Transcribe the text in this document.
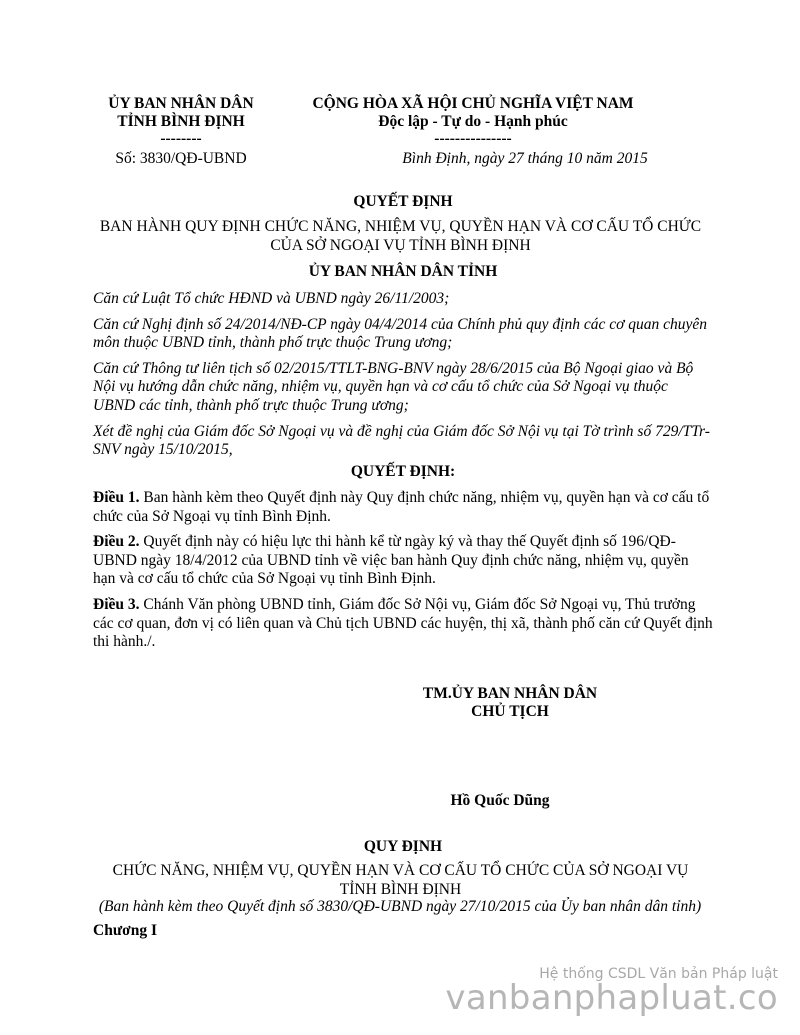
ỦY BAN NHÂN DÂN
TỈNH BÌNH ĐỊNH
--------
Số: 3830/QĐ-UBND
CỘNG HÒA XÃ HỘI CHỦ NGHĨA VIỆT NAM
Độc lập - Tự do - Hạnh phúc
---------------
Bình Định, ngày 27 tháng 10 năm 2015
QUYẾT ĐỊNH
BAN HÀNH QUY ĐỊNH CHỨC NĂNG, NHIỆM VỤ, QUYỀN HẠN VÀ CƠ CẤU TỔ CHỨC CỦA SỞ NGOẠI VỤ TỈNH BÌNH ĐỊNH
ỦY BAN NHÂN DÂN TỈNH

Căn cứ Luật Tổ chức HĐND và UBND ngày 26/11/2003;

Căn cứ Nghị định số 24/2014/NĐ-CP ngày 04/4/2014 của Chính phủ quy định các cơ quan chuyên môn thuộc UBND tỉnh, thành phố trực thuộc Trung ương;

Căn cứ Thông tư liên tịch số 02/2015/TTLT-BNG-BNV ngày 28/6/2015 của Bộ Ngoại giao và Bộ Nội vụ hướng dẫn chức năng, nhiệm vụ, quyền hạn và cơ cấu tổ chức của Sở Ngoại vụ thuộc UBND các tỉnh, thành phố trực thuộc Trung ương;

Xét đề nghị của Giám đốc Sở Ngoại vụ và đề nghị của Giám đốc Sở Nội vụ tại Tờ trình số 729/TTr-SNV ngày 15/10/2015,

QUYẾT ĐỊNH:

Điều 1. Ban hành kèm theo Quyết định này Quy định chức năng, nhiệm vụ, quyền hạn và cơ cấu tổ chức của Sở Ngoại vụ tỉnh Bình Định.

Điều 2. Quyết định này có hiệu lực thi hành kể từ ngày ký và thay thế Quyết định số 196/QĐ-UBND ngày 18/4/2012 của UBND tỉnh về việc ban hành Quy định chức năng, nhiệm vụ, quyền hạn và cơ cấu tổ chức của Sở Ngoại vụ tỉnh Bình Định.

Điều 3. Chánh Văn phòng UBND tỉnh, Giám đốc Sở Nội vụ, Giám đốc Sở Ngoại vụ, Thủ trưởng các cơ quan, đơn vị có liên quan và Chủ tịch UBND các huyện, thị xã, thành phố căn cứ Quyết định thi hành./.

TM.ỦY BAN NHÂN DÂN
CHỦ TỊCH
Hồ Quốc Dũng
QUY ĐỊNH
CHỨC NĂNG, NHIỆM VỤ, QUYỀN HẠN VÀ CƠ CẤU TỔ CHỨC CỦA SỞ NGOẠI VỤ TỈNH BÌNH ĐỊNH
(Ban hành kèm theo Quyết định số 3830/QĐ-UBND ngày 27/10/2015 của Ủy ban nhân dân tỉnh)
Chương I
Hệ thống CSDL Văn bản Pháp luật
vanbanphapluat.co
